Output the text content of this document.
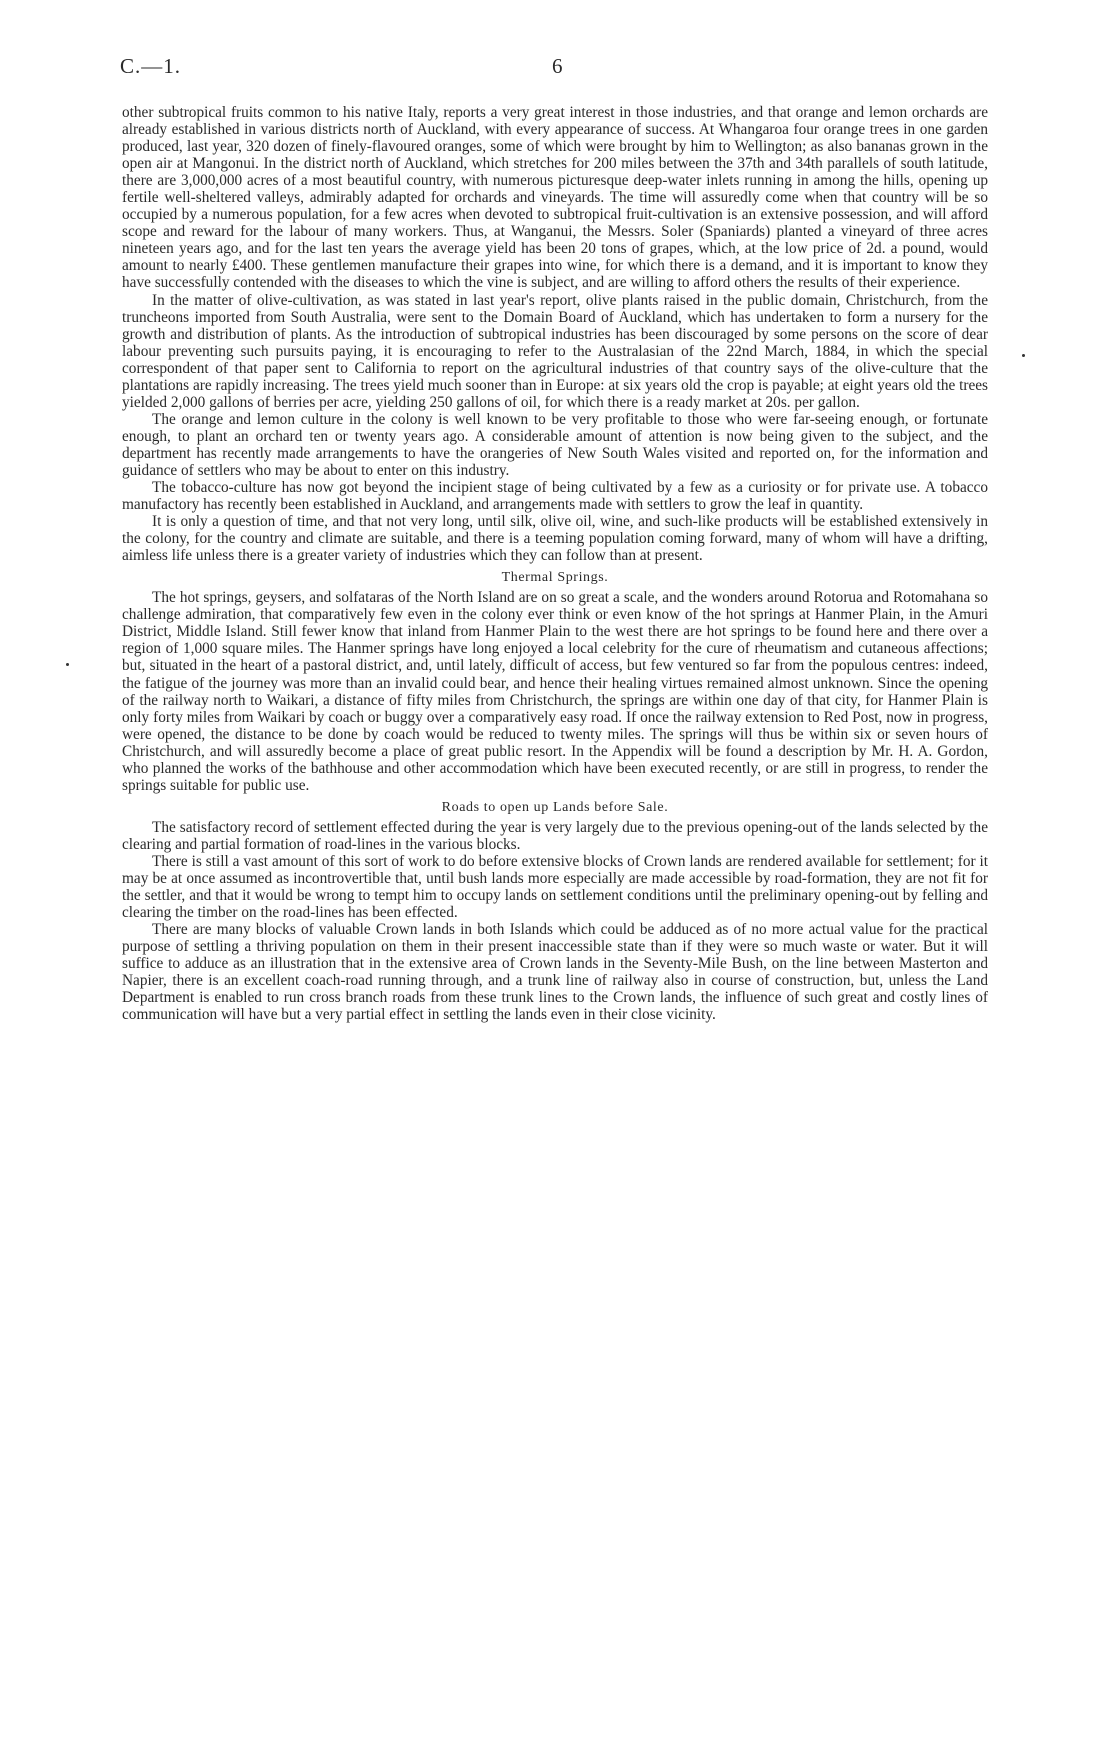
C.—1.	6

other subtropical fruits common to his native Italy, reports a very great interest in those industries, and that orange and lemon orchards are already established in various districts north of Auckland, with every appearance of success. At Whangaroa four orange trees in one garden produced, last year, 320 dozen of finely-flavoured oranges, some of which were brought by him to Wellington; as also bananas grown in the open air at Mangonui. In the district north of Auckland, which stretches for 200 miles between the 37th and 34th parallels of south latitude, there are 3,000,000 acres of a most beautiful country, with numerous picturesque deep-water inlets running in among the hills, opening up fertile well-sheltered valleys, admirably adapted for orchards and vineyards. The time will assuredly come when that country will be so occupied by a numerous population, for a few acres when devoted to subtropical fruit-cultivation is an extensive possession, and will afford scope and reward for the labour of many workers. Thus, at Wanganui, the Messrs. Soler (Spaniards) planted a vineyard of three acres nineteen years ago, and for the last ten years the average yield has been 20 tons of grapes, which, at the low price of 2d. a pound, would amount to nearly £400. These gentlemen manufacture their grapes into wine, for which there is a demand, and it is important to know they have successfully contended with the diseases to which the vine is subject, and are willing to afford others the results of their experience.

In the matter of olive-cultivation, as was stated in last year's report, olive plants raised in the public domain, Christchurch, from the truncheons imported from South Australia, were sent to the Domain Board of Auckland, which has undertaken to form a nursery for the growth and distribution of plants. As the introduction of subtropical industries has been discouraged by some persons on the score of dear labour preventing such pursuits paying, it is encouraging to refer to the Australasian of the 22nd March, 1884, in which the special correspondent of that paper sent to California to report on the agricultural industries of that country says of the olive-culture that the plantations are rapidly increasing. The trees yield much sooner than in Europe: at six years old the crop is payable; at eight years old the trees yielded 2,000 gallons of berries per acre, yielding 250 gallons of oil, for which there is a ready market at 20s. per gallon.

The orange and lemon culture in the colony is well known to be very profitable to those who were far-seeing enough, or fortunate enough, to plant an orchard ten or twenty years ago. A considerable amount of attention is now being given to the subject, and the department has recently made arrangements to have the orangeries of New South Wales visited and reported on, for the information and guidance of settlers who may be about to enter on this industry.

The tobacco-culture has now got beyond the incipient stage of being cultivated by a few as a curiosity or for private use. A tobacco manufactory has recently been established in Auckland, and arrangements made with settlers to grow the leaf in quantity.

It is only a question of time, and that not very long, until silk, olive oil, wine, and such-like products will be established extensively in the colony, for the country and climate are suitable, and there is a teeming population coming forward, many of whom will have a drifting, aimless life unless there is a greater variety of industries which they can follow than at present.

Thermal Springs.

The hot springs, geysers, and solfataras of the North Island are on so great a scale, and the wonders around Rotorua and Rotomahana so challenge admiration, that comparatively few even in the colony ever think or even know of the hot springs at Hanmer Plain, in the Amuri District, Middle Island. Still fewer know that inland from Hanmer Plain to the west there are hot springs to be found here and there over a region of 1,000 square miles. The Hanmer springs have long enjoyed a local celebrity for the cure of rheumatism and cutaneous affections; but, situated in the heart of a pastoral district, and, until lately, difficult of access, but few ventured so far from the populous centres: indeed, the fatigue of the journey was more than an invalid could bear, and hence their healing virtues remained almost unknown. Since the opening of the railway north to Waikari, a distance of fifty miles from Christchurch, the springs are within one day of that city, for Hanmer Plain is only forty miles from Waikari by coach or buggy over a comparatively easy road. If once the railway extension to Red Post, now in progress, were opened, the distance to be done by coach would be reduced to twenty miles. The springs will thus be within six or seven hours of Christchurch, and will assuredly become a place of great public resort. In the Appendix will be found a description by Mr. H. A. Gordon, who planned the works of the bathhouse and other accommodation which have been executed recently, or are still in progress, to render the springs suitable for public use.

Roads to open up Lands before Sale.

The satisfactory record of settlement effected during the year is very largely due to the previous opening-out of the lands selected by the clearing and partial formation of road-lines in the various blocks.

There is still a vast amount of this sort of work to do before extensive blocks of Crown lands are rendered available for settlement; for it may be at once assumed as incontrovertible that, until bush lands more especially are made accessible by road-formation, they are not fit for the settler, and that it would be wrong to tempt him to occupy lands on settlement conditions until the preliminary opening-out by felling and clearing the timber on the road-lines has been effected.

There are many blocks of valuable Crown lands in both Islands which could be adduced as of no more actual value for the practical purpose of settling a thriving population on them in their present inaccessible state than if they were so much waste or water. But it will suffice to adduce as an illustration that in the extensive area of Crown lands in the Seventy-Mile Bush, on the line between Masterton and Napier, there is an excellent coach-road running through, and a trunk line of railway also in course of construction, but, unless the Land Department is enabled to run cross branch roads from these trunk lines to the Crown lands, the influence of such great and costly lines of communication will have but a very partial effect in settling the lands even in their close vicinity.
